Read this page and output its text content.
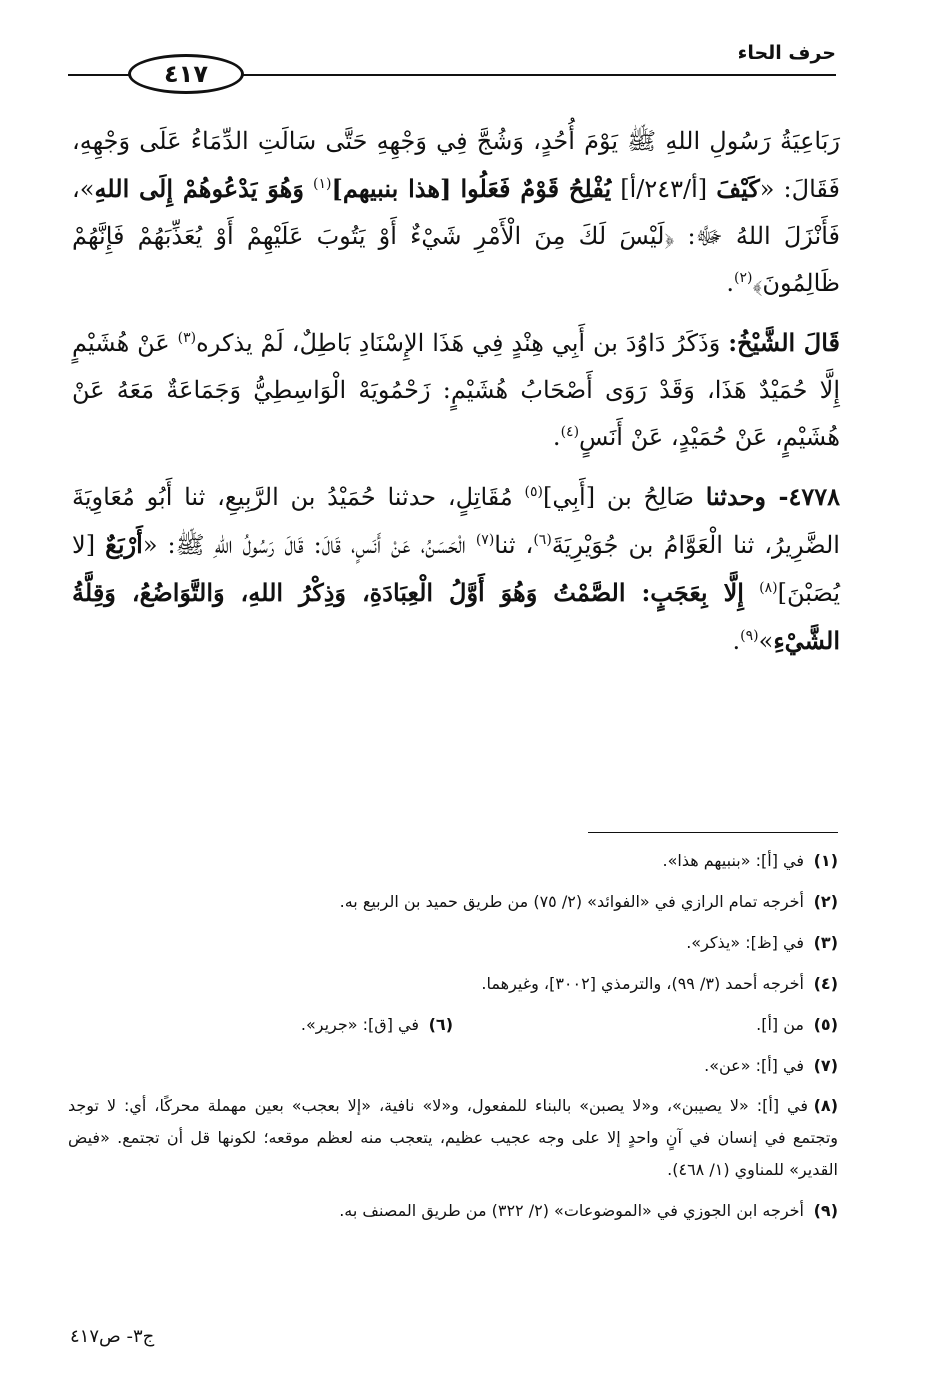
حرف الحاء
٤١٧

رَبَاعِيَةُ رَسُولِ اللهِ ﷺ يَوْمَ أُحُدٍ، وَشُجَّ فِي وَجْهِهِ حَتَّى سَالَتِ الدِّمَاءُ عَلَى وَجْهِهِ، فَقَالَ: «كَيْفَ [أ/٢٤٣/أ] يُفْلِحُ قَوْمٌ فَعَلُوا [هذا بنبيهم]$^{(١)}$ وَهُوَ يَدْعُوهُمْ إِلَى اللهِ»، فَأَنْزَلَ اللهُ ﷻ: ﴿لَيْسَ لَكَ مِنَ الْأَمْرِ شَيْءٌ أَوْ يَتُوبَ عَلَيْهِمْ أَوْ يُعَذِّبَهُمْ فَإِنَّهُمْ ظَالِمُونَ﴾$^{(٢)}$.

قَالَ الشَّيْخُ: وَذَكَرُ دَاوُدَ بن أَبِي هِنْدٍ فِي هَذَا الإِسْنَادِ بَاطِلٌ، لَمْ يذكره$^{(٣)}$ عَنْ هُشَيْمٍ إِلَّا حُمَيْدٌ هَذَا، وَقَدْ رَوَى أَصْحَابُ هُشَيْمٍ: زَحْمُويَهْ الْوَاسِطِيُّ وَجَمَاعَةٌ مَعَهُ عَنْ هُشَيْمٍ، عَنْ حُمَيْدٍ، عَنْ أَنَسٍ$^{(٤)}$.

٤٧٧٨- وحدثنا صَالِحُ بن [أَبِي]$^{(٥)}$ مُقَاتِلٍ، حدثنا حُمَيْدُ بن الرَّبِيعِ، ثنا أَبُو مُعَاوِيَةَ الضَّرِيرُ، ثنا الْعَوَّامُ بن جُوَيْرِيَةَ$^{(٦)}$، ثنا$^{(٧)}$ الْحَسَنُ، عَنْ أَنَسٍ، قَالَ: قَالَ رَسُولُ اللهِ ﷺ: «أَرْبَعٌ [لا يُصَبْنَ]$^{(٨)}$ إِلَّا بِعَجَبٍ: الصَّمْتُ وَهُوَ أَوَّلُ الْعِبَادَةِ، وَذِكْرُ اللهِ، وَالتَّوَاضُعُ، وَقِلَّةُ الشَّيْءِ»$^{(٩)}$.

(١)في [أ]: «بنبيهم هذا».
(٢)أخرجه تمام الرازي في «الفوائد» (٢/ ٧٥) من طريق حميد بن الربيع به.
(٣)في [ظ]: «يذكر».
(٤)أخرجه أحمد (٣/ ٩٩)، والترمذي [٣٠٠٢]، وغيرهما.
(٥)من [أ].
(٦)في [ق]: «جرير».
(٧)في [أ]: «عن».
(٨)في [أ]: «لا يصيبن»، و«لا يصبن» بالبناء للمفعول، و«لا» نافية، «إلا بعجب» بعين مهملة محركًا، أي: لا توجد وتجتمع في إنسان في آنٍ واحدٍ إلا على وجه عجيب عظيم، يتعجب منه لعظم موقعه؛ لكونها قل أن تجتمع. «فيض القدير» للمناوي (١/ ٤٦٨).
(٩)أخرجه ابن الجوزي في «الموضوعات» (٢/ ٣٢٢) من طريق المصنف به.
ج٣- ص٤١٧
